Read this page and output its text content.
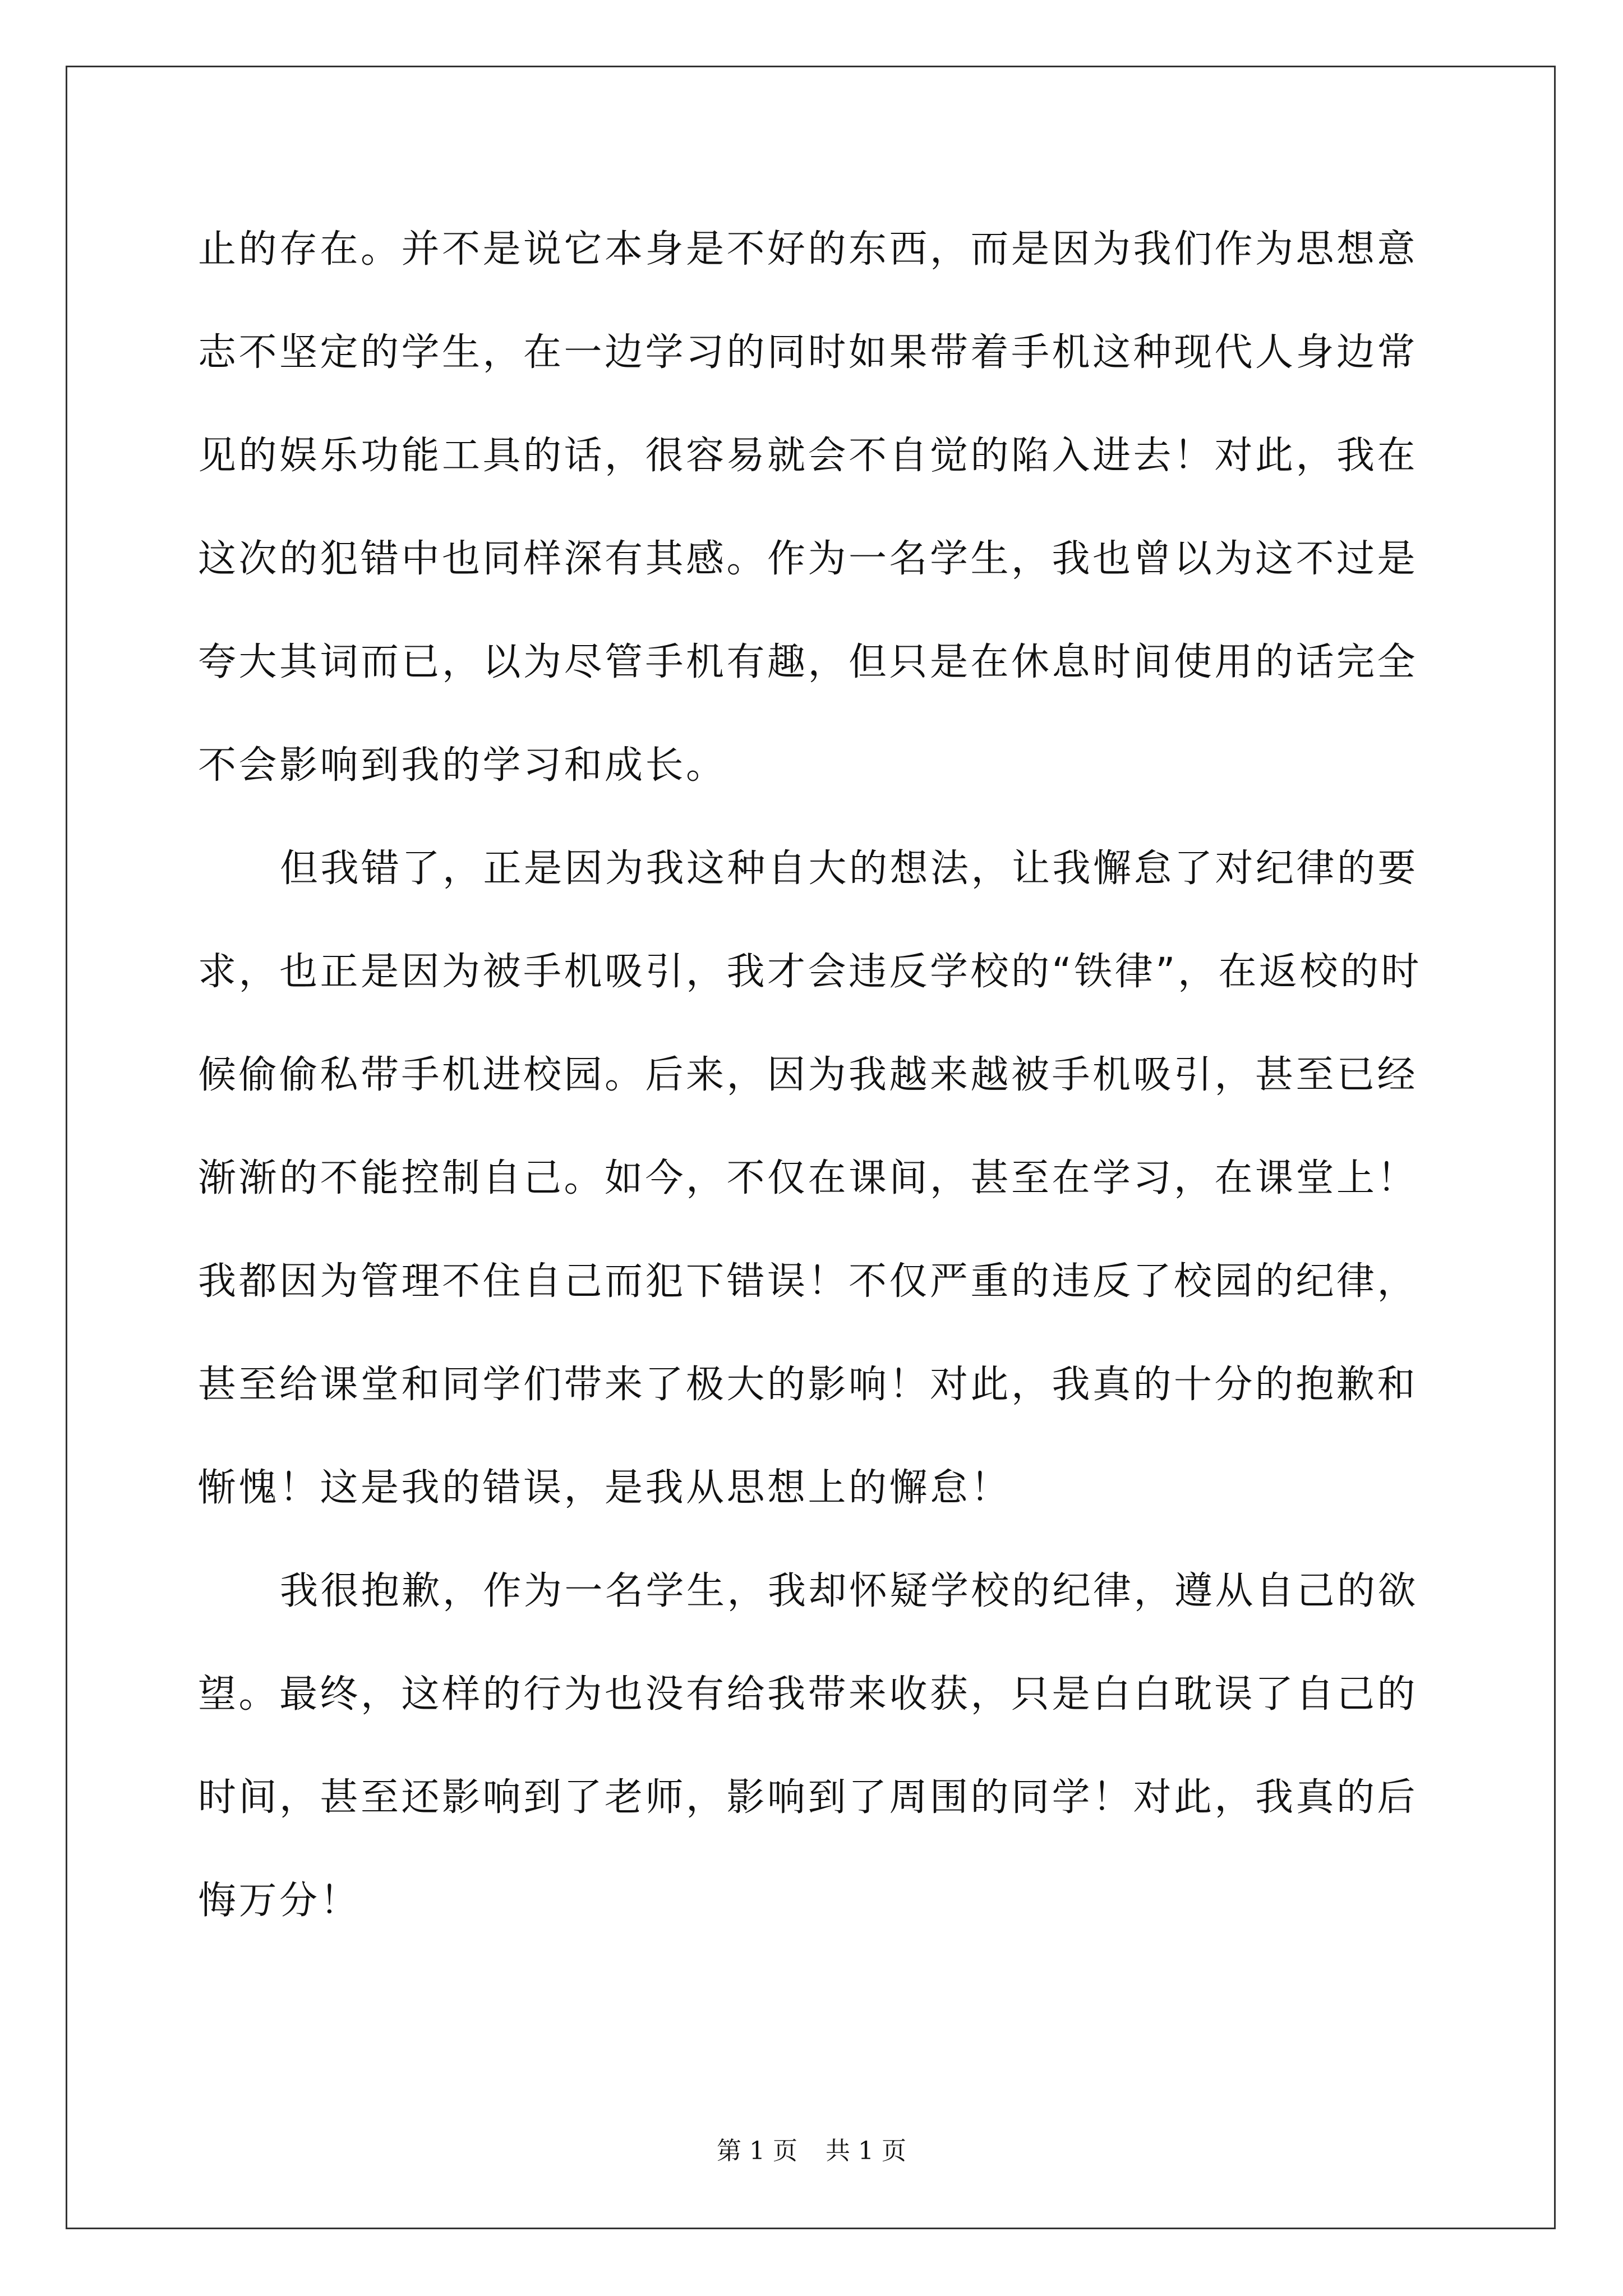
止的存在。并不是说它本身是不好的东西，而是因为我们作为思想意
志不坚定的学生，在一边学习的同时如果带着手机这种现代人身边常
见的娱乐功能工具的话，很容易就会不自觉的陷入进去！对此，我在
这次的犯错中也同样深有其感。作为一名学生，我也曾以为这不过是
夸大其词而已，以为尽管手机有趣，但只是在休息时间使用的话完全
不会影响到我的学习和成长。
但我错了，正是因为我这种自大的想法，让我懈怠了对纪律的要
求，也正是因为被手机吸引，我才会违反学校的“铁律”，在返校的时
候偷偷私带手机进校园。后来，因为我越来越被手机吸引，甚至已经
渐渐的不能控制自己。如今，不仅在课间，甚至在学习，在课堂上！
我都因为管理不住自己而犯下错误！不仅严重的违反了校园的纪律，
甚至给课堂和同学们带来了极大的影响！对此，我真的十分的抱歉和
惭愧！这是我的错误，是我从思想上的懈怠！
我很抱歉，作为一名学生，我却怀疑学校的纪律，遵从自己的欲
望。最终，这样的行为也没有给我带来收获，只是白白耽误了自己的
时间，甚至还影响到了老师，影响到了周围的同学！对此，我真的后
悔万分！
第 1 页 共 1 页
